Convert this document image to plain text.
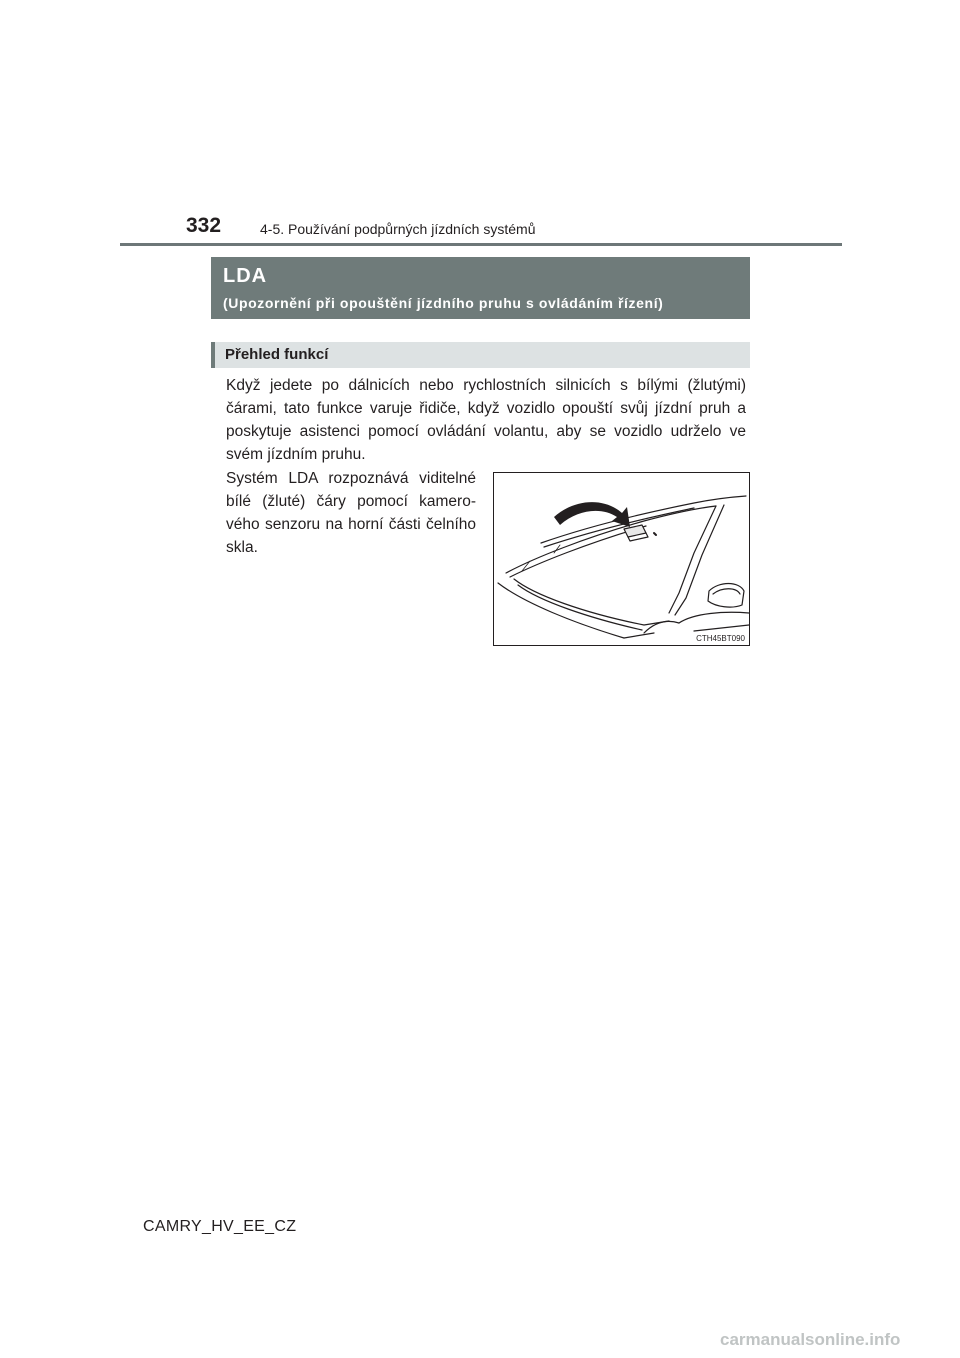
332	4-5. Používání podpůrných jízdních systémů
LDA
(Upozornění při opouštění jízdního pruhu s ovládáním řízení)
Přehled funkcí

Když jedete po dálnicích nebo rychlostních silnicích s bílými (žlutými) čárami, tato funkce varuje řidiče, když vozidlo opouští svůj jízdní pruh a poskytuje asistenci pomocí ovládání volantu, aby se vozidlo udrželo ve svém jízdním pruhu.

Systém LDA rozpoznává viditelné bílé (žluté) čáry pomocí kamerového senzoru na horní části čelního skla.

CTH45BT090
CAMRY_HV_EE_CZ
carmanualsonline.info
